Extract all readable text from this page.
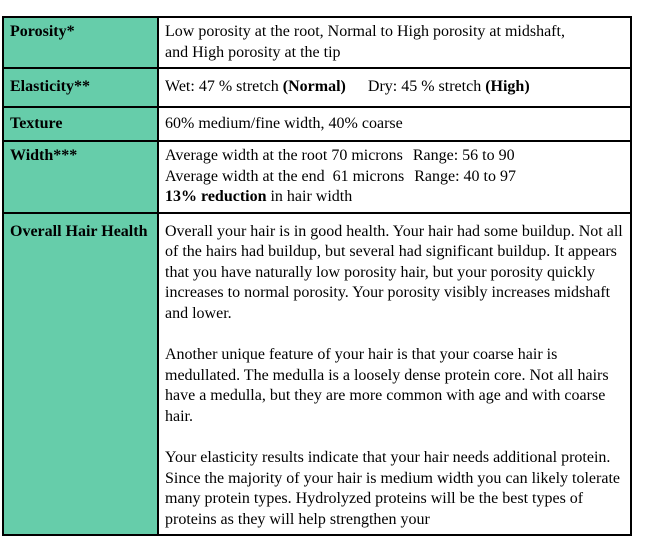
Porosity*	Low porosity at the root, Normal to High porosity at midshaft,
and High porosity at the tip

Elasticity**	Wet: 47 % stretch (Normal) Dry: 45 % stretch (High)
Texture	60% medium/fine width, 40% coarse
Width***	Average width at the root 70 microns Range: 56 to 90
Average width at the end  61 microns Range: 40 to 97
13% reduction in hair width

Overall Hair Health	Overall your hair is in good health. Your hair had some buildup. Not all of the hairs had buildup, but several had significant buildup. It appears that you have naturally low porosity hair, but your porosity quickly increases to normal porosity. Your porosity visibly increases midshaft and lower.

Another unique feature of your hair is that your coarse hair is medullated. The medulla is a loosely dense protein core. Not all hairs have a medulla, but they are more common with age and with coarse hair.

Your elasticity results indicate that your hair needs additional protein. Since the majority of your hair is medium width you can likely tolerate many protein types. Hydrolyzed proteins will be the best types of proteins as they will help strengthen your
